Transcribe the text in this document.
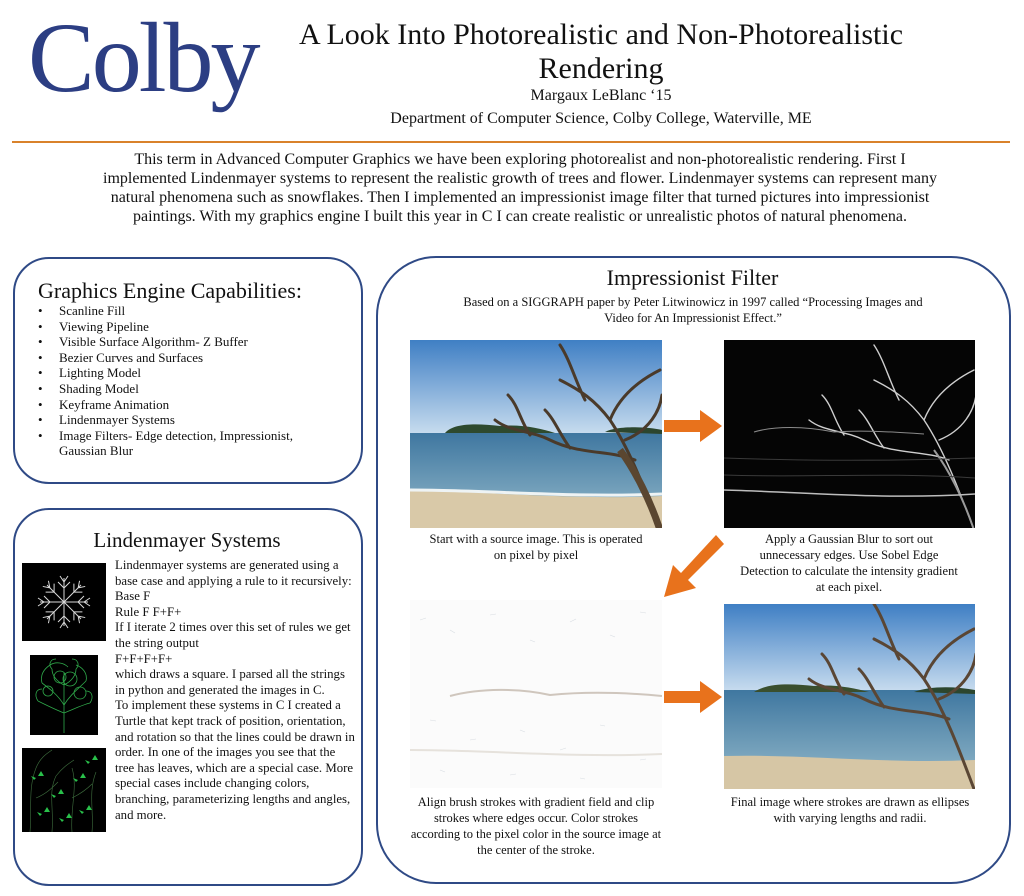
Colby	A Look Into Photorealistic and Non-Photorealistic Rendering
Margaux LeBlanc ‘15
Department of Computer Science, Colby College, Waterville, ME
This term in Advanced Computer Graphics we have been exploring photorealist and non-photorealistic rendering. First I implemented Lindenmayer systems to represent the realistic growth of trees and flower. Lindenmayer systems can represent many natural phenomena such as snowflakes. Then I implemented an impressionist image filter that turned pictures into impressionist paintings. With my graphics engine I built this year in C I can create realistic or unrealistic photos of natural phenomena.
Graphics Engine Capabilities:
• Scanline Fill
• Viewing Pipeline
• Visible Surface Algorithm- Z Buffer
• Bezier Curves and Surfaces
• Lighting Model
• Shading Model
• Keyframe Animation
• Lindenmayer Systems
• Image Filters- Edge detection, Impressionist, Gaussian Blur
Lindenmayer Systems
Lindenmayer systems are generated using a base case and applying a rule to it recursively:
Base F
Rule F F+F+
If I iterate 2 times over this set of rules we get the string output
F+F+F+F+
which draws a square. I parsed all the strings in python and generated the images in C.
To implement these systems in C I created a Turtle that kept track of position, orientation, and rotation so that the lines could be drawn in order. In one of the images you see that the tree has leaves, which are a special case. More special cases include changing colors, branching, parameterizing lengths and angles, and more.
Impressionist Filter
Based on a SIGGRAPH paper by Peter Litwinowicz in 1997 called “Processing Images and Video for An Impressionist Effect.”
Start with a source image. This is operated on pixel by pixel
Apply a Gaussian Blur to sort out unnecessary edges. Use Sobel Edge Detection to calculate the intensity gradient at each pixel.
Align brush strokes with gradient field and clip strokes where edges occur. Color strokes according to the pixel color in the source image at the center of the stroke.
Final image where strokes are drawn as ellipses with varying lengths and radii.
